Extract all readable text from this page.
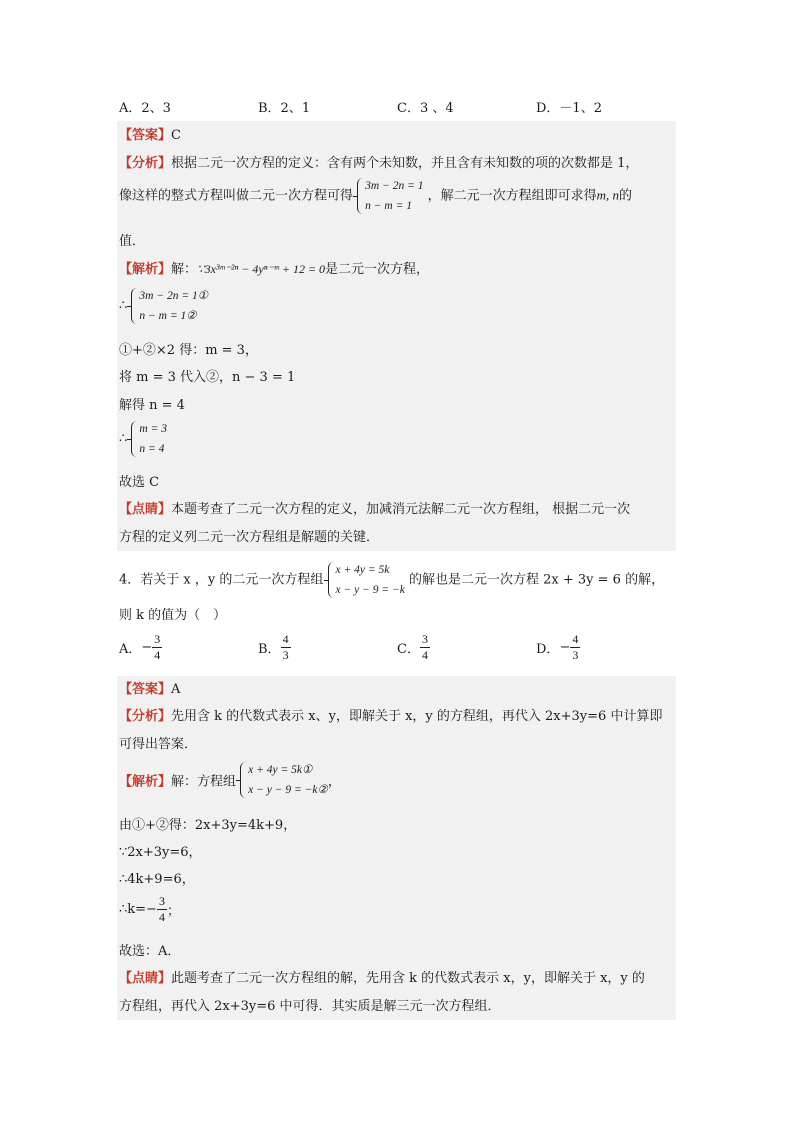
A．2、3	B．2、1	C．3 、4	D．－1、2
【答案】C
【分析】根据二元一次方程的定义：含有两个未知数，并且含有未知数的项的次数都是 1，
像这样的整式方程叫做二元一次方程可得
3m − 2n = 1
n − m = 1
，解二元一次方程组即可求得m, n的
值．
【解析】解：∵3x³ᵐ⁻²ⁿ − 4yⁿ⁻ᵐ + 12 = 0是二元一次方程，
∴
3m − 2n = 1①
n − m = 1②
①+②×2 得：m = 3，
将 m = 3 代入②，n − 3 = 1
解得 n = 4
∴
m = 3
n = 4
故选 C
【点睛】本题考查了二元一次方程的定义，加减消元法解二元一次方程组， 根据二元一次
方程的定义列二元一次方程组是解题的关键．
4．若关于 x ，y 的二元一次方程组
x + 4y = 5k
x − y − 9 = −k
的解也是二元一次方程 2x + 3y = 6 的解，
则 k 的值为（　）
A．− $\frac{3}{4}$	B． $\frac{4}{3}$	C． $\frac{3}{4}$	D．− $\frac{4}{3}$
【答案】A
【分析】先用含 k 的代数式表示 x、y，即解关于 x，y 的方程组，再代入 2x+3y=6 中计算即
可得出答案．
【解析】解：方程组
x + 4y = 5k①
x − y − 9 = −k②
，
由①+②得：2x+3y=4k+9，
∵2x+3y=6，
∴4k+9=6，
∴k=− $\frac{3}{4}$ ；
故选：A．
【点睛】此题考查了二元一次方程组的解，先用含 k 的代数式表示 x，y，即解关于 x，y 的
方程组，再代入 2x+3y=6 中可得．其实质是解三元一次方程组．
